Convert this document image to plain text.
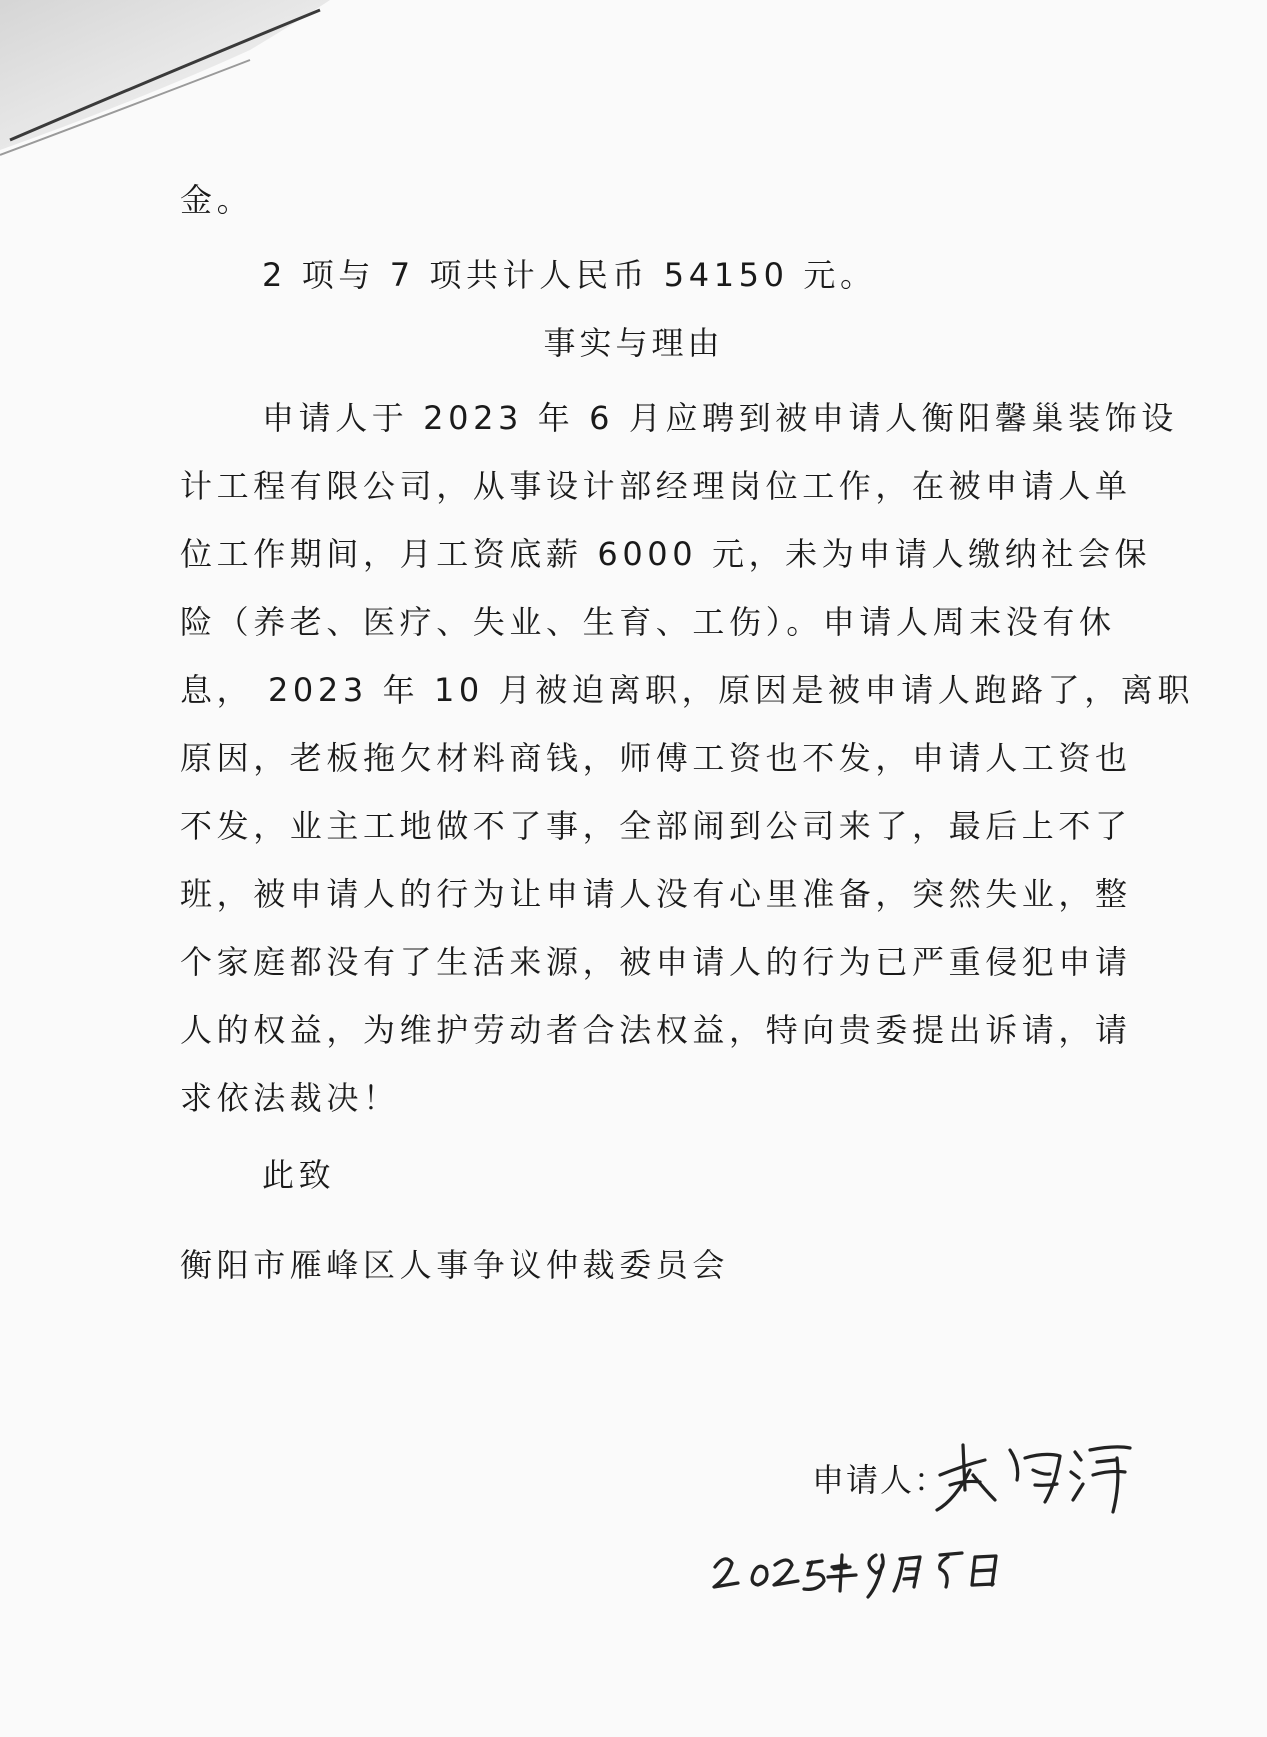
金。
2 项与 7 项共计人民币 54150 元。
事实与理由
申请人于 2023 年 6 月应聘到被申请人衡阳馨巢装饰设
计工程有限公司，从事设计部经理岗位工作，在被申请人单
位工作期间，月工资底薪 6000 元，未为申请人缴纳社会保
险（养老、医疗、失业、生育、工伤）。申请人周末没有休
息， 2023 年 10 月被迫离职，原因是被申请人跑路了，离职
原因，老板拖欠材料商钱，师傅工资也不发，申请人工资也
不发，业主工地做不了事，全部闹到公司来了，最后上不了
班，被申请人的行为让申请人没有心里准备，突然失业，整
个家庭都没有了生活来源，被申请人的行为已严重侵犯申请
人的权益，为维护劳动者合法权益，特向贵委提出诉请，请
求依法裁决！
此致
衡阳市雁峰区人事争议仲裁委员会
申请人：
